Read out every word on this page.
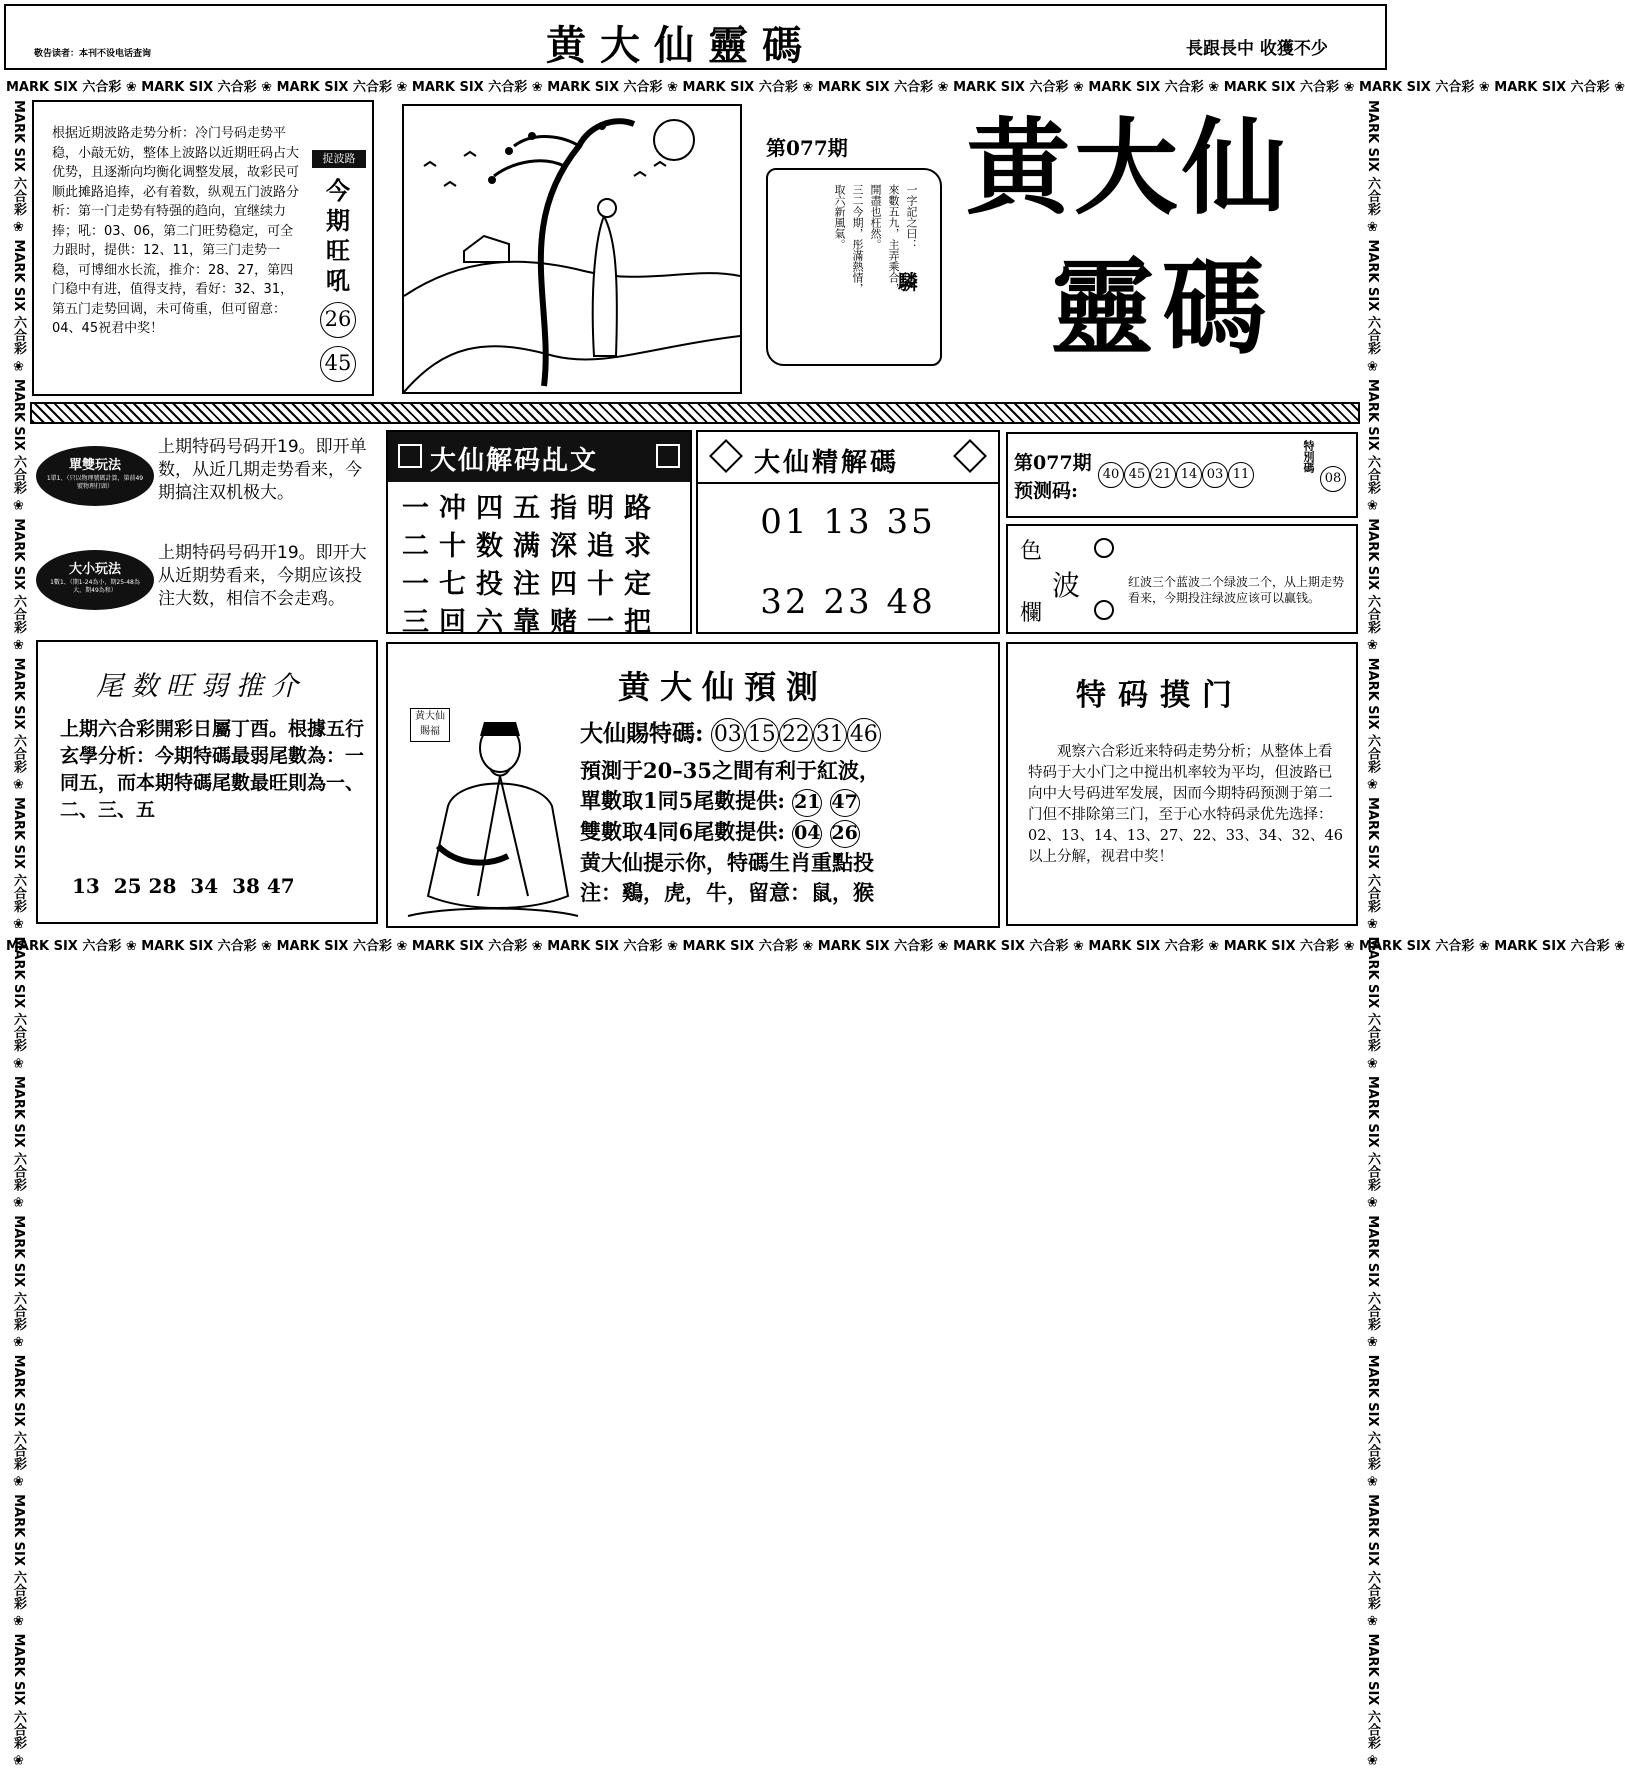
敬告读者：本刊不设电话查询	黄大仙靈碼	長跟長中 收獲不少
MARK SIX 六合彩 ❀ MARK SIX 六合彩 ❀ MARK SIX 六合彩 ❀ MARK SIX 六合彩 ❀ MARK SIX 六合彩 ❀ MARK SIX 六合彩 ❀ MARK SIX 六合彩 ❀ MARK SIX 六合彩 ❀ MARK SIX 六合彩 ❀ MARK SIX 六合彩 ❀ MARK SIX 六合彩 ❀ MARK SIX 六合彩 ❀
MARK SIX 六合彩 ❀ MARK SIX 六合彩 ❀ MARK SIX 六合彩 ❀ MARK SIX 六合彩 ❀ MARK SIX 六合彩 ❀ MARK SIX 六合彩 ❀ MARK SIX 六合彩 ❀ MARK SIX 六合彩 ❀ MARK SIX 六合彩 ❀ MARK SIX 六合彩 ❀ MARK SIX 六合彩 ❀ MARK SIX 六合彩 ❀
MARK SIX 六合彩 ❀ MARK SIX 六合彩 ❀ MARK SIX 六合彩 ❀ MARK SIX 六合彩 ❀ MARK SIX 六合彩 ❀ MARK SIX 六合彩 ❀ MARK SIX 六合彩 ❀ MARK SIX 六合彩 ❀ MARK SIX 六合彩 ❀ MARK SIX 六合彩 ❀ MARK SIX 六合彩 ❀ MARK SIX 六合彩 ❀	MARK SIX 六合彩 ❀ MARK SIX 六合彩 ❀ MARK SIX 六合彩 ❀ MARK SIX 六合彩 ❀ MARK SIX 六合彩 ❀ MARK SIX 六合彩 ❀ MARK SIX 六合彩 ❀ MARK SIX 六合彩 ❀ MARK SIX 六合彩 ❀ MARK SIX 六合彩 ❀ MARK SIX 六合彩 ❀ MARK SIX 六合彩 ❀
根据近期波路走势分析：冷门号码走势平稳，小敲无妨，整体上波路以近期旺码占大优势，且逐渐向均衡化调整发展，故彩民可顺此摊路追捧，必有着数，纵观五门波路分析：第一门走势有特强的趋向，宜继续力捧；吼：03、06，第二门旺势稳定，可全力跟时，提供：12、11，第三门走势一稳，可博细水长流，推介：28、27，第四门稳中有进，值得支持，看好：32、31，第五门走势回调，未可倚重，但可留意：04、45祝君中奖！
捉波路
今
期
旺
吼
26
45
第077期
一字記之曰：
來數五九，主弄乘合，
開盡也枉然。
三二今期，彤滿熱情，
取六新風氣。
驎
黄大仙
靈碼
單雙玩法
1單1、（只以物理號碼計算，第前49號物理打頭）
上期特码号码开19。即开单数，从近几期走势看来，今期搞注双机极大。
大小玩法
1數1、（期1-24為小，期25-48為大，期49為和）
上期特码号码开19。即开大从近期势看来，今期应该投注大数，相信不会走鸡。
大仙解码乩文
一冲四五指明路
二十数满深追求
一七投注四十定
三回六靠赌一把
大仙精解碼
01 13 35
32 23 48
第077期
预测码:
40 45 21 14 03 11
特別碼
08
色
波
欄
红波三个蓝波二个绿波二个，从上期走势看来，今期投注绿波应该可以赢钱。
尾数旺弱推介
上期六合彩開彩日屬丁酉。根據五行玄學分析：今期特碼最弱尾數為：一同五，而本期特碼尾數最旺則為一、二、三、五
13  25 28  34  38 47
黄大仙預測
黄大仙
賜福	大仙賜特碼: 03 15 22 31 46
預測于20–35之間有利于紅波，
單數取1同5尾數提供: 21 47
雙數取4同6尾數提供: 04 26
黄大仙提示你，特碼生肖重點投
注：鷄，虎，牛，留意：鼠，猴
特码摸门
观察六合彩近来特码走势分析；从整体上看特码于大小门之中搅出机率较为平均，但波路已向中大号码进军发展，因而今期特码预测于第二门但不排除第三门，至于心水特码录优先选择：02、13、14、13、27、22、33、34、32、46以上分解，视君中奖！
